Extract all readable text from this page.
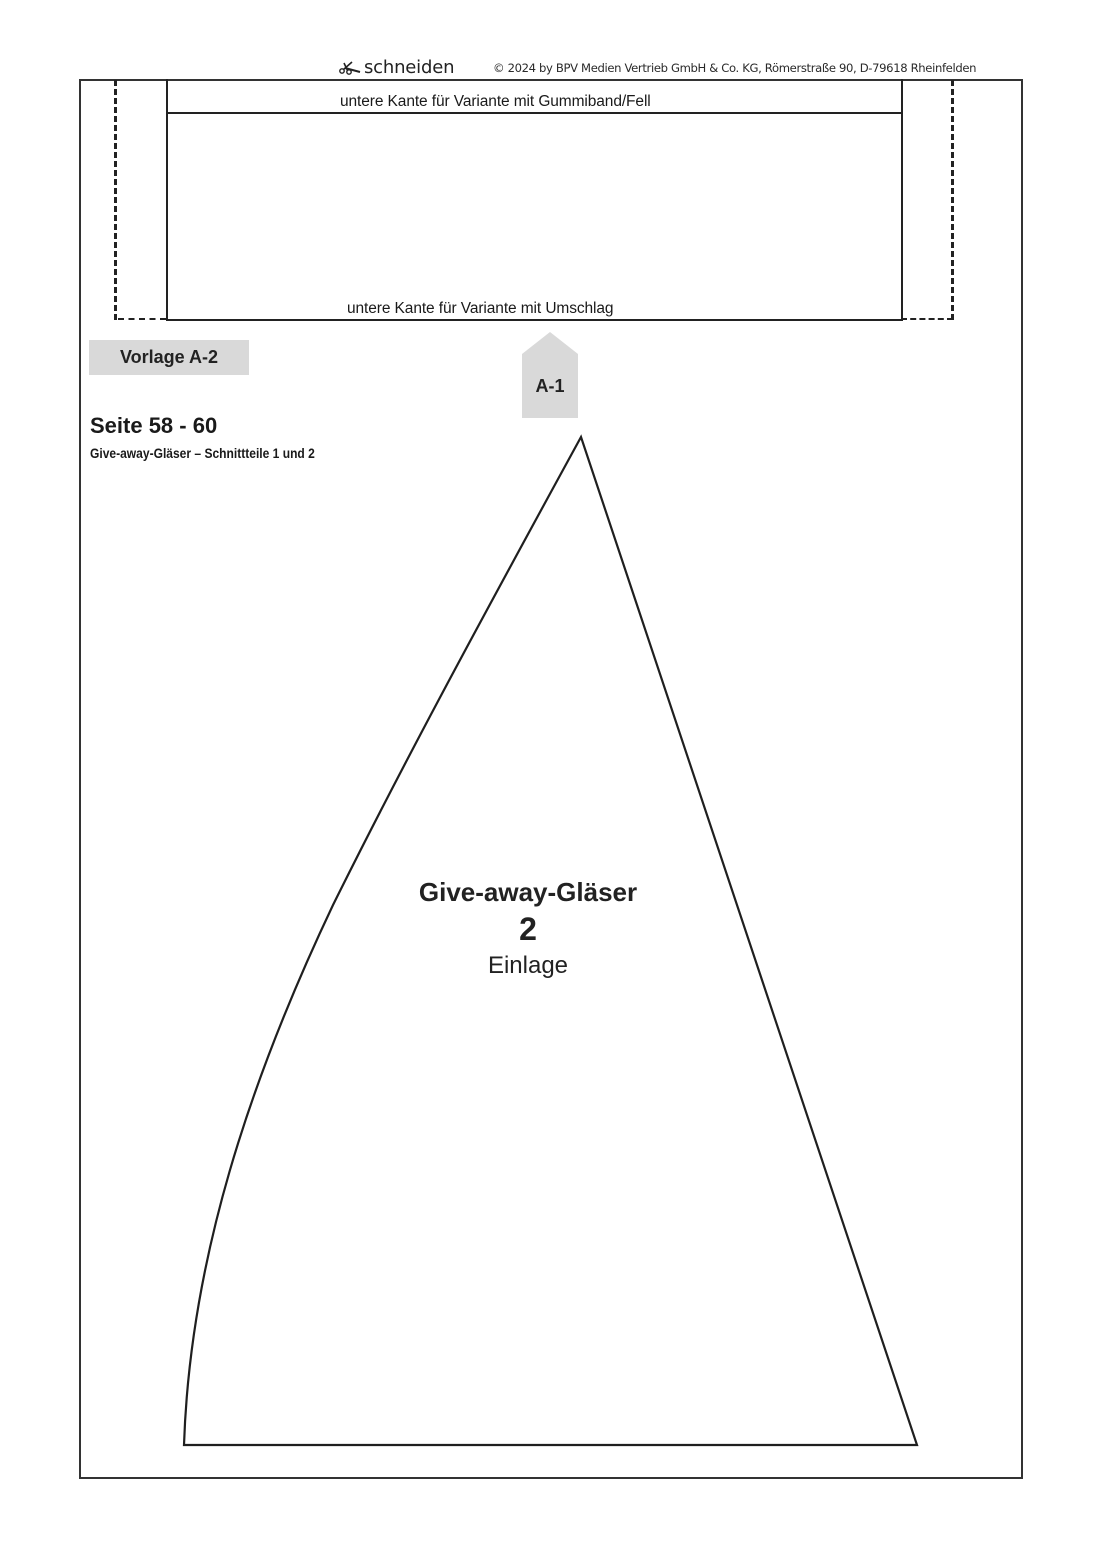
schneiden	© 2024 by BPV Medien Vertrieb GmbH & Co. KG, Römerstraße 90, D-79618 Rheinfelden
untere Kante für Variante mit Gummiband/Fell
untere Kante für Variante mit Umschlag
Vorlage A-2
A-1
Seite 58 - 60
Give-away-Gläser – Schnittteile 1 und 2
Give-away-Gläser
2
Einlage
